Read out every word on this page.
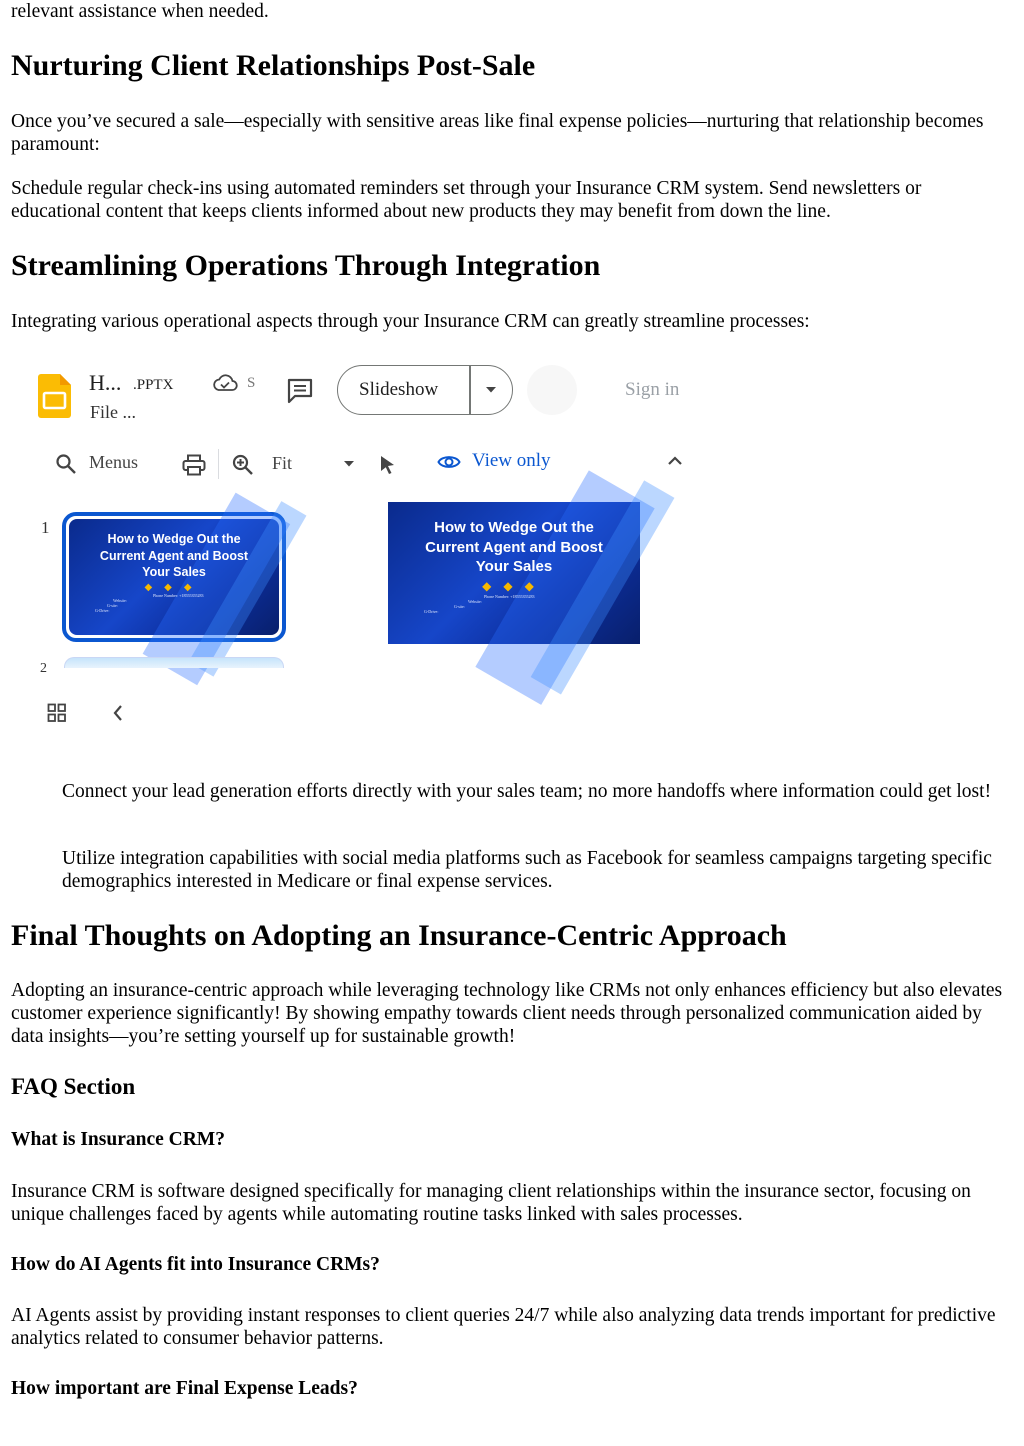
relevant assistance when needed.

Nurturing Client Relationships Post-Sale

Once you’ve secured a sale—especially with sensitive areas like final expense policies—nurturing that relationship becomes paramount:

Schedule regular check-ins using automated reminders set through your Insurance CRM system. Send newsletters or educational content that keeps clients informed about new products they may benefit from down the line.

Streamlining Operations Through Integration

Integrating various operational aspects through your Insurance CRM can greatly streamline processes:

H... .PPTX	S
File ...
Slideshow	Sign in
Menus	Fit	View only
1
How to Wedge Out the
Current Agent and Boost
Your Sales
◆◆◆
Phone Number: +18555355283
Website:
G-site:
G-Drive:
2
How to Wedge Out the
Current Agent and Boost
Your Sales
◆◆◆
Phone Number: +18555355283
Website:
G-site:
G-Drive:

Connect your lead generation efforts directly with your sales team; no more handoffs where information could get lost!

Utilize integration capabilities with social media platforms such as Facebook for seamless campaigns targeting specific demographics interested in Medicare or final expense services.

Final Thoughts on Adopting an Insurance-Centric Approach

Adopting an insurance-centric approach while leveraging technology like CRMs not only enhances efficiency but also elevates customer experience significantly! By showing empathy towards client needs through personalized communication aided by data insights—you’re setting yourself up for sustainable growth!

FAQ Section
What is Insurance CRM?

Insurance CRM is software designed specifically for managing client relationships within the insurance sector, focusing on unique challenges faced by agents while automating routine tasks linked with sales processes.

How do AI Agents fit into Insurance CRMs?

AI Agents assist by providing instant responses to client queries 24/7 while also analyzing data trends important for predictive analytics related to consumer behavior patterns.

How important are Final Expense Leads?
